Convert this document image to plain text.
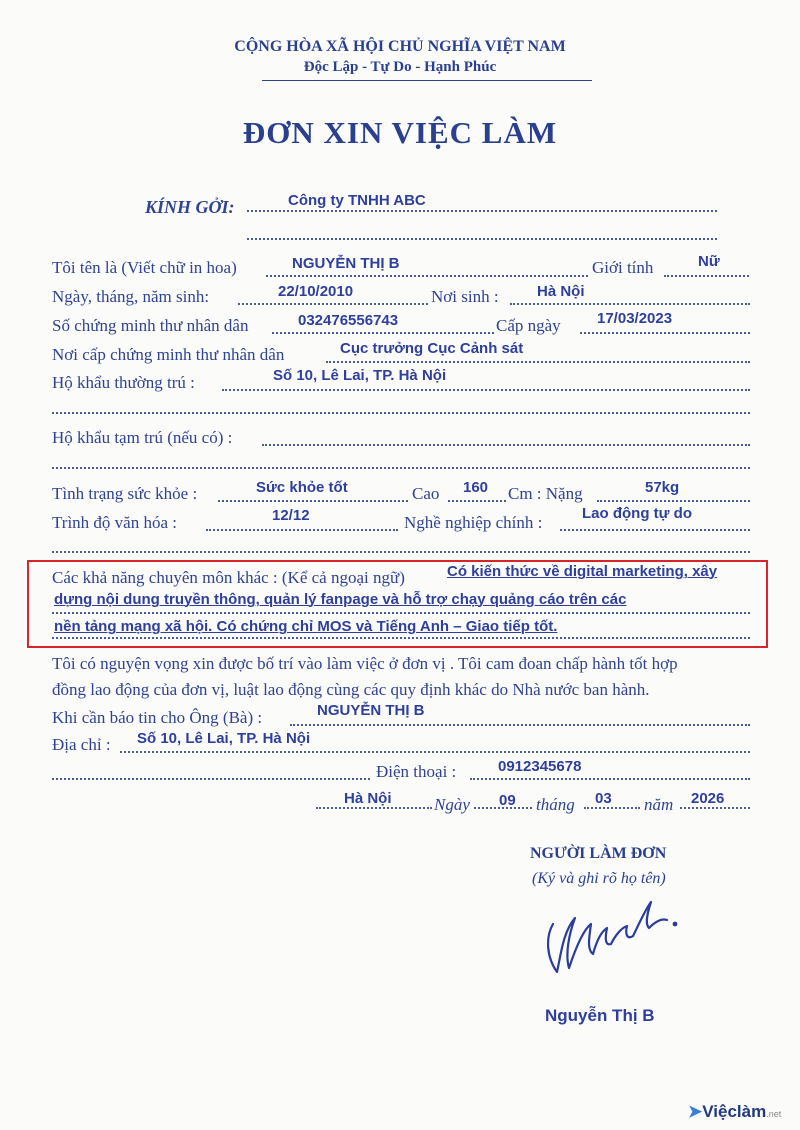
CỘNG HÒA XÃ HỘI CHỦ NGHĨA VIỆT NAM
Độc Lập - Tự Do - Hạnh Phúc
ĐƠN XIN VIỆC LÀM
KÍNH GỞI:	Công ty TNHH ABC
Tôi tên là (Viết chữ in hoa)	NGUYỄN THỊ B	Giới tính	Nữ
Ngày, tháng, năm sinh:	22/10/2010	Nơi sinh :	Hà Nội
Số chứng minh thư nhân dân	032476556743	Cấp ngày 17/03/2023
Nơi cấp chứng minh thư nhân dân	Cục trưởng Cục Cảnh sát
Hộ khẩu thường trú :	Số 10, Lê Lai, TP. Hà Nội
Hộ khẩu tạm trú (nếu có) :
Tình trạng sức khỏe :	Sức khỏe tốt	Cao 160 Cm : Nặng	57kg
Trình độ văn hóa :	12/12	Nghề nghiệp chính :	Lao động tự do
Các khả năng chuyên môn khác : (Kể cả ngoại ngữ)	Có kiến thức về digital marketing, xây
dựng nội dung truyền thông, quản lý fanpage và hỗ trợ chạy quảng cáo trên các
nền tảng mạng xã hội. Có chứng chỉ MOS và Tiếng Anh – Giao tiếp tốt.
Tôi có nguyện vọng xin được bố trí vào làm việc ở đơn vị . Tôi cam đoan chấp hành tốt hợp
đồng lao động của đơn vị, luật lao động cùng các quy định khác do Nhà nước ban hành.
Khi cần báo tin cho Ông (Bà) :	NGUYỄN THỊ B
Địa chỉ : Số 10, Lê Lai, TP. Hà Nội
Điện thoại :	0912345678
Hà Nội Ngày 09 tháng 03 năm 2026
NGƯỜI LÀM ĐƠN
(Ký và ghi rõ họ tên)
Nguyễn Thị B
➤Việclàm.net
